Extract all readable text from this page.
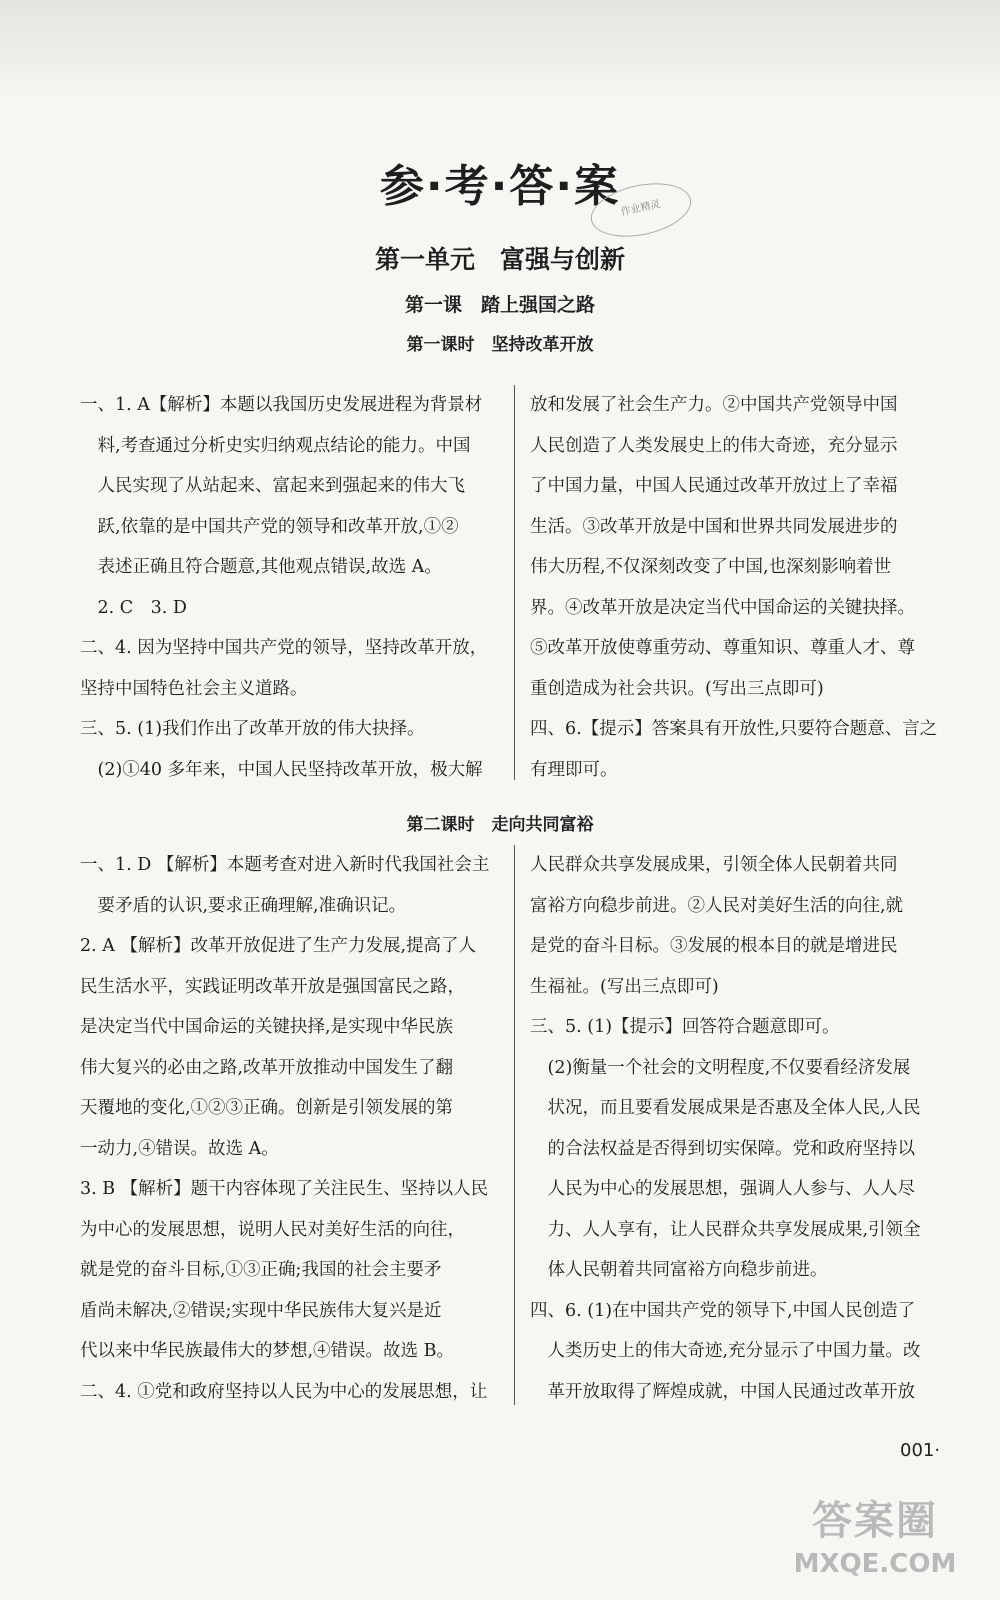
参·考·答·案 作业精灵
第一单元　富强与创新
第一课　踏上强国之路
第一课时　坚持改革开放
一、1. A【解析】本题以我国历史发展进程为背景材
　料,考查通过分析史实归纳观点结论的能力。中国
　人民实现了从站起来、富起来到强起来的伟大飞
　跃,依靠的是中国共产党的领导和改革开放,①②
　表述正确且符合题意,其他观点错误,故选 A。
　2. C　3. D
二、4. 因为坚持中国共产党的领导，坚持改革开放，
坚持中国特色社会主义道路。
三、5. (1)我们作出了改革开放的伟大抉择。
　(2)①40 多年来，中国人民坚持改革开放，极大解
放和发展了社会生产力。②中国共产党领导中国
人民创造了人类发展史上的伟大奇迹，充分显示
了中国力量，中国人民通过改革开放过上了幸福
生活。③改革开放是中国和世界共同发展进步的
伟大历程,不仅深刻改变了中国,也深刻影响着世
界。④改革开放是决定当代中国命运的关键抉择。
⑤改革开放使尊重劳动、尊重知识、尊重人才、尊
重创造成为社会共识。(写出三点即可)
四、6.【提示】答案具有开放性,只要符合题意、言之
有理即可。
第二课时　走向共同富裕
一、1. D 【解析】本题考查对进入新时代我国社会主
　要矛盾的认识,要求正确理解,准确识记。
2. A 【解析】改革开放促进了生产力发展,提高了人
民生活水平，实践证明改革开放是强国富民之路，
是决定当代中国命运的关键抉择,是实现中华民族
伟大复兴的必由之路,改革开放推动中国发生了翻
天覆地的变化,①②③正确。创新是引领发展的第
一动力,④错误。故选 A。
3. B 【解析】题干内容体现了关注民生、坚持以人民
为中心的发展思想，说明人民对美好生活的向往，
就是党的奋斗目标,①③正确;我国的社会主要矛
盾尚未解决,②错误;实现中华民族伟大复兴是近
代以来中华民族最伟大的梦想,④错误。故选 B。
二、4. ①党和政府坚持以人民为中心的发展思想，让
人民群众共享发展成果，引领全体人民朝着共同
富裕方向稳步前进。②人民对美好生活的向往,就
是党的奋斗目标。③发展的根本目的就是增进民
生福祉。(写出三点即可)
三、5. (1)【提示】回答符合题意即可。
　(2)衡量一个社会的文明程度,不仅要看经济发展
　状况，而且要看发展成果是否惠及全体人民,人民
　的合法权益是否得到切实保障。党和政府坚持以
　人民为中心的发展思想，强调人人参与、人人尽
　力、人人享有，让人民群众共享发展成果,引领全
　体人民朝着共同富裕方向稳步前进。
四、6. (1)在中国共产党的领导下,中国人民创造了
　人类历史上的伟大奇迹,充分显示了中国力量。改
　革开放取得了辉煌成就，中国人民通过改革开放
001·
答案圈
MXQE.COM
